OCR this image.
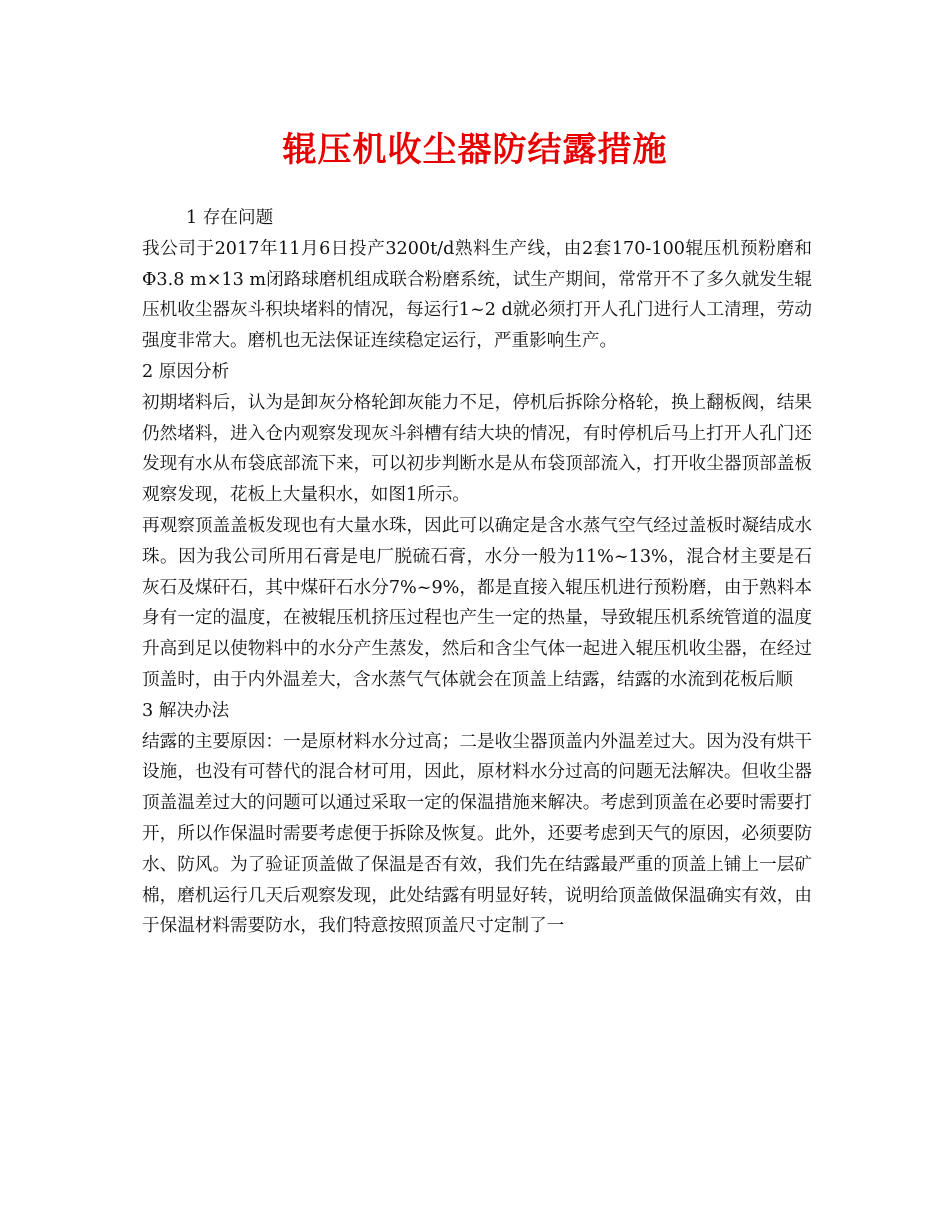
辊压机收尘器防结露措施

1 存在问题

我公司于2017年11月6日投产3200t/d熟料生产线，由2套170-100辊压机预粉磨和Φ3.8 m×13 m闭路球磨机组成联合粉磨系统，试生产期间，常常开不了多久就发生辊压机收尘器灰斗积块堵料的情况，每运行1~2 d就必须打开人孔门进行人工清理，劳动强度非常大。磨机也无法保证连续稳定运行，严重影响生产。

2 原因分析

初期堵料后，认为是卸灰分格轮卸灰能力不足，停机后拆除分格轮，换上翻板阀，结果仍然堵料，进入仓内观察发现灰斗斜槽有结大块的情况，有时停机后马上打开人孔门还发现有水从布袋底部流下来，可以初步判断水是从布袋顶部流入，打开收尘器顶部盖板观察发现，花板上大量积水，如图1所示。

再观察顶盖盖板发现也有大量水珠，因此可以确定是含水蒸气空气经过盖板时凝结成水珠。因为我公司所用石膏是电厂脱硫石膏，水分一般为11%~13%，混合材主要是石灰石及煤矸石，其中煤矸石水分7%~9%，都是直接入辊压机进行预粉磨，由于熟料本身有一定的温度，在被辊压机挤压过程也产生一定的热量，导致辊压机系统管道的温度升高到足以使物料中的水分产生蒸发，然后和含尘气体一起进入辊压机收尘器，在经过顶盖时，由于内外温差大，含水蒸气气体就会在顶盖上结露，结露的水流到花板后顺

3 解决办法

结露的主要原因：一是原材料水分过高；二是收尘器顶盖内外温差过大。因为没有烘干设施，也没有可替代的混合材可用，因此，原材料水分过高的问题无法解决。但收尘器顶盖温差过大的问题可以通过采取一定的保温措施来解决。考虑到顶盖在必要时需要打开，所以作保温时需要考虑便于拆除及恢复。此外，还要考虑到天气的原因，必须要防水、防风。为了验证顶盖做了保温是否有效，我们先在结露最严重的顶盖上铺上一层矿棉，磨机运行几天后观察发现，此处结露有明显好转，说明给顶盖做保温确实有效，由于保温材料需要防水，我们特意按照顶盖尺寸定制了一
